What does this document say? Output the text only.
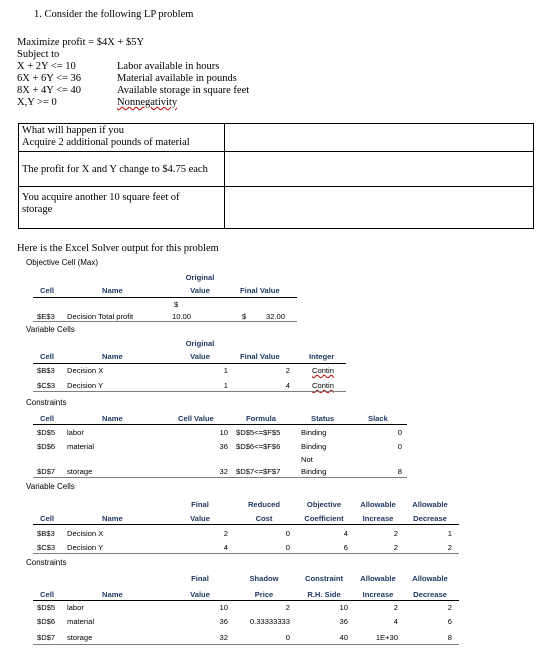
1. Consider the following LP problem
Maximize profit = $4X + $5Y
Subject to
X + 2Y <= 10	Labor available in hours
6X + 6Y <= 36	Material available in pounds
8X + 4Y <= 40	Available storage in square feet
X,Y >= 0	Nonnegativity
What will happen if you
Acquire 2 additional pounds of material
The profit for X and Y change to $4.75 each
You acquire another 10 square feet of
storage
Here is the Excel Solver output for this problem
Objective Cell (Max)
Cell	Name
Original
Value	Final Value
$
$E$3 Decision Total profit	10.00	$	32.00
Variable Cells
Original
Cell	Name	Value	Final Value	Integer
$B$3 Decision X	1	2	Contin
$C$3 Decision Y	1	4	Contin
Constraints
Cell	Name	Cell Value	Formula	Status	Slack
$D$5 labor	10 $D$5<=$F$5	Binding	0
$D$6 material	36 $D$6<=$F$6	Binding	0
Not
$D$7 storage	32 $D$7<=$F$7	Binding	8
Variable Cells
Final	Reduced	Objective	Allowable	Allowable
Cell	Name	Value	Cost	Coefficient	Increase	Decrease
$B$3 Decision X	2	0	4	2	1
$C$3 Decision Y	4	0	6	2	2
Constraints
Final	Shadow	Constraint	Allowable	Allowable
Cell	Name	Value	Price	R.H. Side	Increase	Decrease
$D$5 labor	10	2	10	2	2
$D$6 material	36	0.33333333	36	4	6
$D$7 storage	32	0	40	1E+30	8
